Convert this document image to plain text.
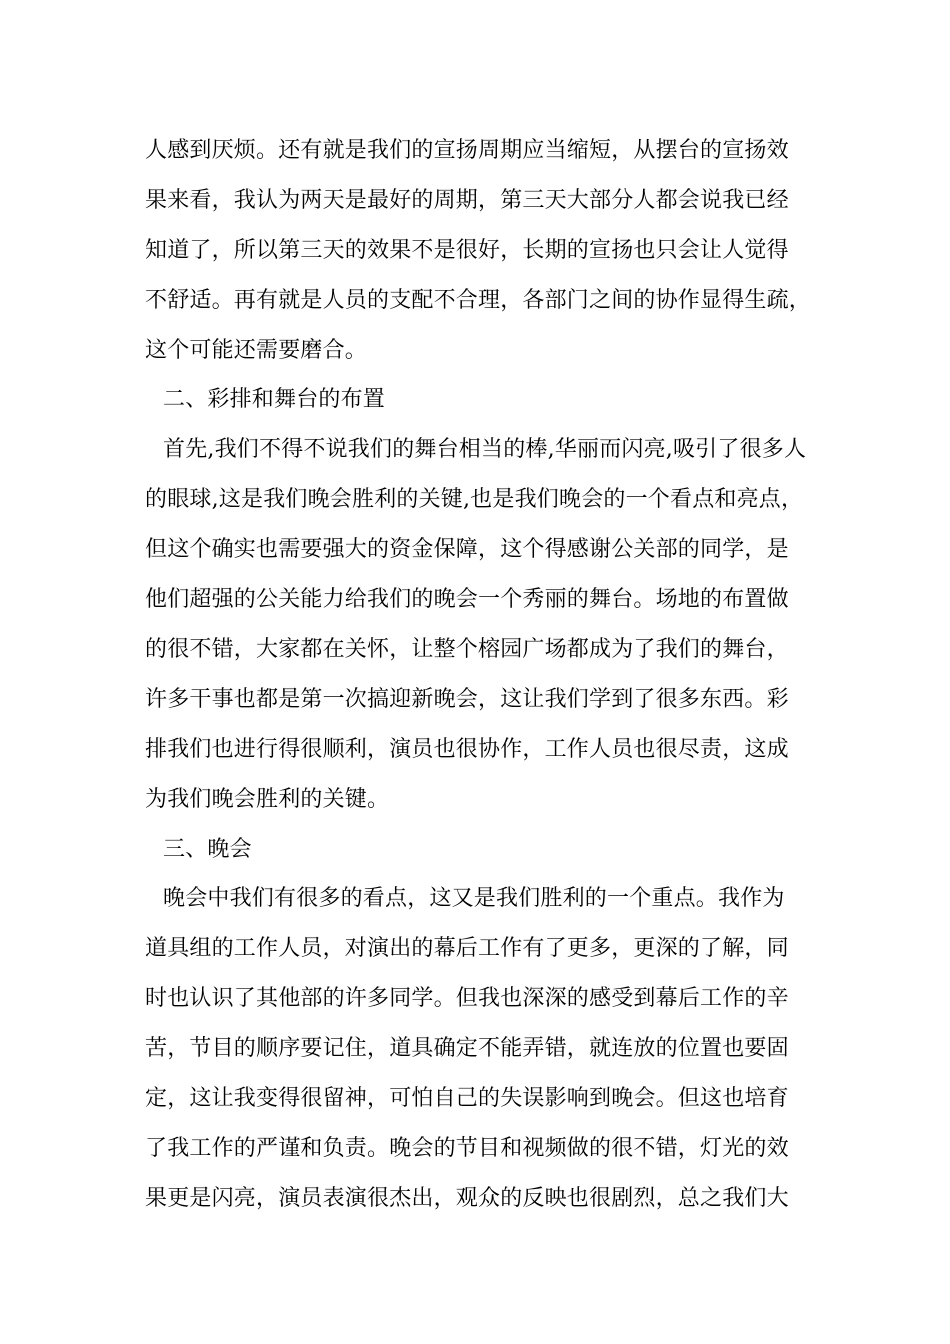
人感到厌烦。还有就是我们的宣扬周期应当缩短，从摆台的宣扬效
果来看，我认为两天是最好的周期，第三天大部分人都会说我已经
知道了，所以第三天的效果不是很好，长期的宣扬也只会让人觉得
不舒适。再有就是人员的支配不合理，各部门之间的协作显得生疏，
这个可能还需要磨合。
二、彩排和舞台的布置
首先,我们不得不说我们的舞台相当的棒,华丽而闪亮,吸引了很多人
的眼球,这是我们晚会胜利的关键,也是我们晚会的一个看点和亮点，
但这个确实也需要强大的资金保障，这个得感谢公关部的同学，是
他们超强的公关能力给我们的晚会一个秀丽的舞台。场地的布置做
的很不错，大家都在关怀，让整个榕园广场都成为了我们的舞台，
许多干事也都是第一次搞迎新晚会，这让我们学到了很多东西。彩
排我们也进行得很顺利，演员也很协作，工作人员也很尽责，这成
为我们晚会胜利的关键。
三、晚会
晚会中我们有很多的看点，这又是我们胜利的一个重点。我作为
道具组的工作人员，对演出的幕后工作有了更多，更深的了解，同
时也认识了其他部的许多同学。但我也深深的感受到幕后工作的辛
苦，节目的顺序要记住，道具确定不能弄错，就连放的位置也要固
定，这让我变得很留神，可怕自己的失误影响到晚会。但这也培育
了我工作的严谨和负责。晚会的节目和视频做的很不错，灯光的效
果更是闪亮，演员表演很杰出，观众的反映也很剧烈，总之我们大
